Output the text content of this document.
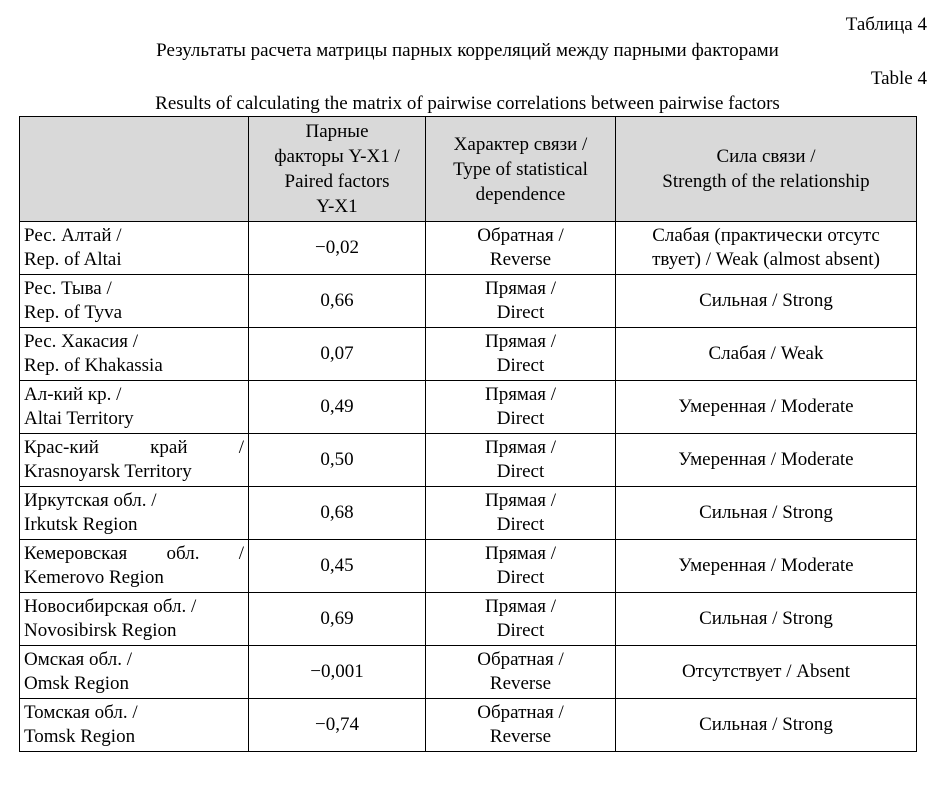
Таблица 4
Результаты расчета матрицы парных корреляций между парными факторами
Table 4
Results of calculating the matrix of pairwise correlations between pairwise factors

	Парные
факторы Y-X1 /
Paired factors
Y-X1	Характер связи /
Type of statistical
dependence	Сила связи /
Strength of the relationship

Рес. Алтай /
Rep. of Altai	−0,02	Обратная /
Reverse	Слабая (практически отсутс
твует) / Weak (almost absent)

Рес. Тыва /
Rep. of Tyva	0,66	Прямая /
Direct	Сильная / Strong

Рес. Хакасия /
Rep. of Khakassia	0,07	Прямая /
Direct	Слабая / Weak

Ал-кий кр. /
Altai Territory	0,49	Прямая /
Direct	Умеренная / Moderate

Крас-кий край /
Krasnoyarsk Territory	0,50	Прямая /
Direct	Умеренная / Moderate

Иркутская обл. /
Irkutsk Region	0,68	Прямая /
Direct	Сильная / Strong

Кемеровская обл. /
Kemerovo Region	0,45	Прямая /
Direct	Умеренная / Moderate

Новосибирская обл. /
Novosibirsk Region	0,69	Прямая /
Direct	Сильная / Strong

Омская обл. /
Omsk Region	−0,001	Обратная /
Reverse	Отсутствует / Absent

Томская обл. /
Tomsk Region	−0,74	Обратная /
Reverse	Сильная / Strong
